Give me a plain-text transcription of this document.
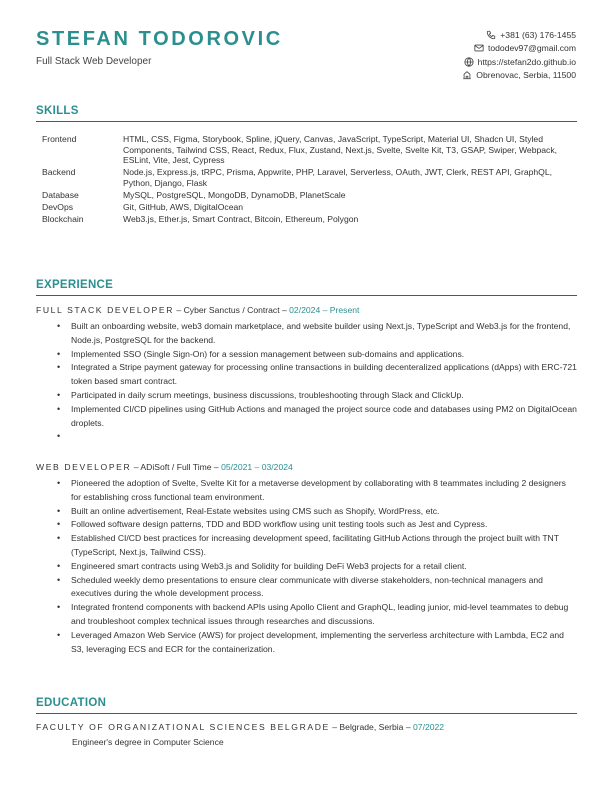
STEFAN TODOROVIC
Full Stack Web Developer
+381 (63) 176-1455
tododev97@gmail.com
https://stefan2do.github.io
Obrenovac, Serbia, 11500
SKILLS
Frontend	HTML, CSS, Figma, Storybook, Spline, jQuery, Canvas, JavaScript, TypeScript, Material UI, Shadcn UI, Styled Components, Tailwind CSS, React, Redux, Flux, Zustand, Next.js, Svelte, Svelte Kit, T3, GSAP, Swiper, Webpack, ESLint, Vite, Jest, Cypress
Backend	Node.js, Express.js, tRPC, Prisma, Appwrite, PHP, Laravel, Serverless, OAuth, JWT, Clerk, REST API, GraphQL, Python, Django, Flask
Database	MySQL, PostgreSQL, MongoDB, DynamoDB, PlanetScale
DevOps	Git, GitHub, AWS, DigitalOcean
Blockchain	Web3.js, Ether.js, Smart Contract, Bitcoin, Ethereum, Polygon
EXPERIENCE
FULL STACK DEVELOPER – Cyber Sanctus / Contract – 02/2024 – Present
• Built an onboarding website, web3 domain marketplace, and website builder using Next.js, TypeScript and Web3.js for the frontend, Node.js, PostgreSQL for the backend.
• Implemented SSO (Single Sign-On) for a session management between sub-domains and applications.
• Integrated a Stripe payment gateway for processing online transactions in building decenteralized applications (dApps) with ERC-721 token based smart contract.
• Participated in daily scrum meetings, business discussions, troubleshooting through Slack and ClickUp.
• Implemented CI/CD pipelines using GitHub Actions and managed the project source code and databases using PM2 on DigitalOcean droplets.
•
WEB DEVELOPER – ADiSoft / Full Time – 05/2021 – 03/2024
• Pioneered the adoption of Svelte, Svelte Kit for a metaverse development by collaborating with 8 teammates including 2 designers for establishing cross functional team environment.
• Built an online advertisement, Real-Estate websites using CMS such as Shopify, WordPress, etc.
• Followed software design patterns, TDD and BDD workflow using unit testing tools such as Jest and Cypress.
• Established CI/CD best practices for increasing development speed, facilitating GitHub Actions through the project built with TNT (TypeScript, Next.js, Tailwind CSS).
• Engineered smart contracts using Web3.js and Solidity for building DeFi Web3 projects for a retail client.
• Scheduled weekly demo presentations to ensure clear communicate with diverse stakeholders, non-technical managers and executives during the whole development process.
• Integrated frontend components with backend APIs using Apollo Client and GraphQL, leading junior, mid-level teammates to debug and troubleshoot complex technical issues through researches and discussions.
• Leveraged Amazon Web Service (AWS) for project development, implementing the serverless architecture with Lambda, EC2 and S3, leveraging ECS and ECR for the containerization.
EDUCATION
FACULTY OF ORGANIZATIONAL SCIENCES BELGRADE – Belgrade, Serbia – 07/2022
Engineer's degree in Computer Science
